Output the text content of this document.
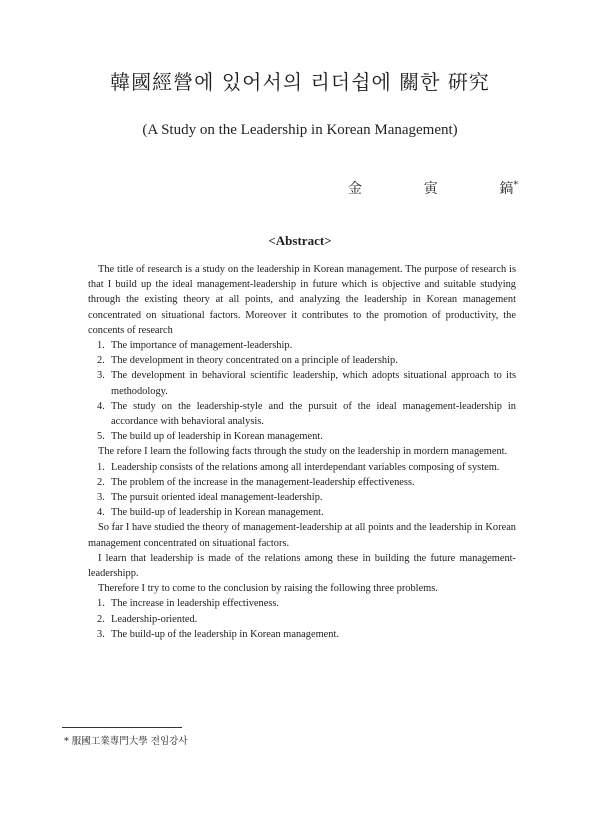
韓國經營에 있어서의 리더쉽에 關한 硏究
(A Study on the Leadership in Korean Management)
金	寅	鎬*
<Abstract>

The title of research is a study on the leadership in Korean management. The purpose of research is that I build up the ideal management-leadership in future which is objective and suitable studying through the existing theory at all points, and analyzing the leadership in Korean management concentrated on situational factors. Moreover it contributes to the promotion of productivity, the concents of research

1. The importance of management-leadership.
2. The development in theory concentrated on a principle of leadership.
3. The development in behavioral scientific leadership, which adopts situational approach to its methodology.
4. The study on the leadership-style and the pursuit of the ideal management-leadership in accordance with behavioral analysis.
5. The build up of leadership in Korean management.

The refore I learn the following facts through the study on the leadership in mordern management.

1. Leadership consists of the relations among all interdependant variables composing of system.
2. The problem of the increase in the management-leadership effectiveness.
3. The pursuit oriented ideal management-leadership.
4. The build-up of leadership in Korean management.

So far I have studied the theory of management-leadership at all points and the leadership in Korean management concentrated on situational factors.

I learn that leadership is made of the relations among these in building the future management-leadershipp.

Therefore I try to come to the conclusion by raising the following three problems.

1. The increase in leadership effectiveness.
2. Leadership-oriented.
3. The build-up of the leadership in Korean management.
* 服國工業專門大學 전임강사
